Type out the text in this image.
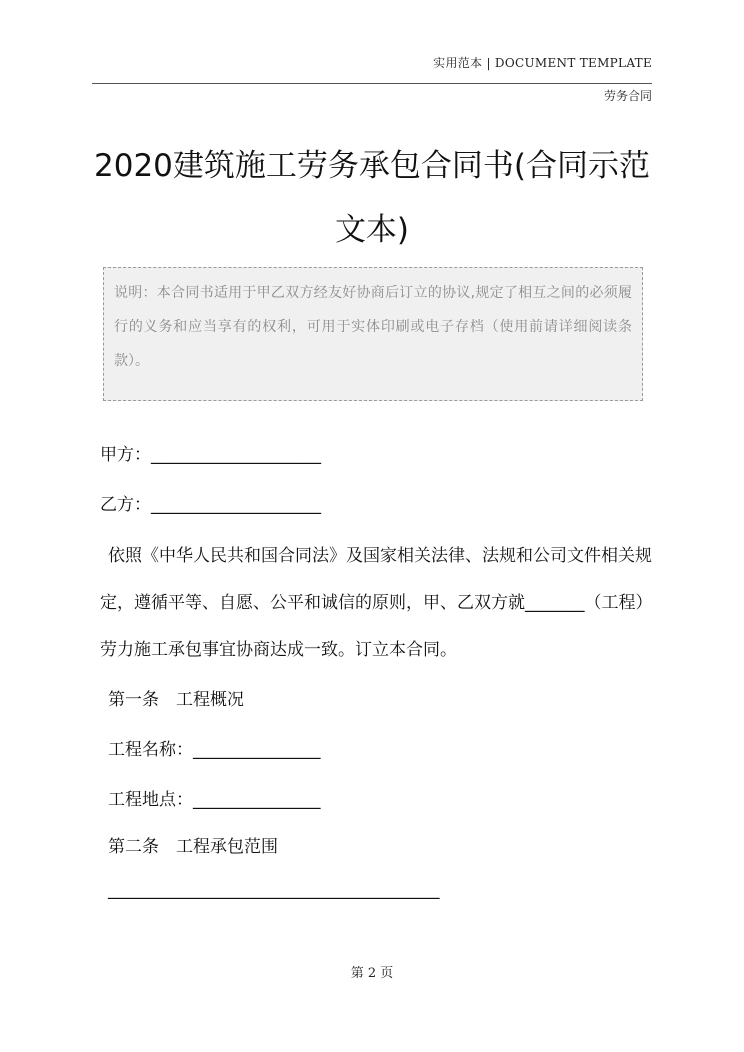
实用范本 | DOCUMENT TEMPLATE
劳务合同
2020建筑施工劳务承包合同书(合同示范文本)
说明：本合同书适用于甲乙双方经友好协商后订立的协议,规定了相互之间的必须履行的义务和应当享有的权利，可用于实体印刷或电子存档（使用前请详细阅读条款）。
甲方：____________________
乙方：____________________
依照《中华人民共和国合同法》及国家相关法律、法规和公司文件相关规定，遵循平等、自愿、公平和诚信的原则，甲、乙双方就_______（工程）劳力施工承包事宜协商达成一致。订立本合同。
第一条　工程概况
工程名称：_______________
工程地点：_______________
第二条　工程承包范围
_______________________________________
第 2 页
